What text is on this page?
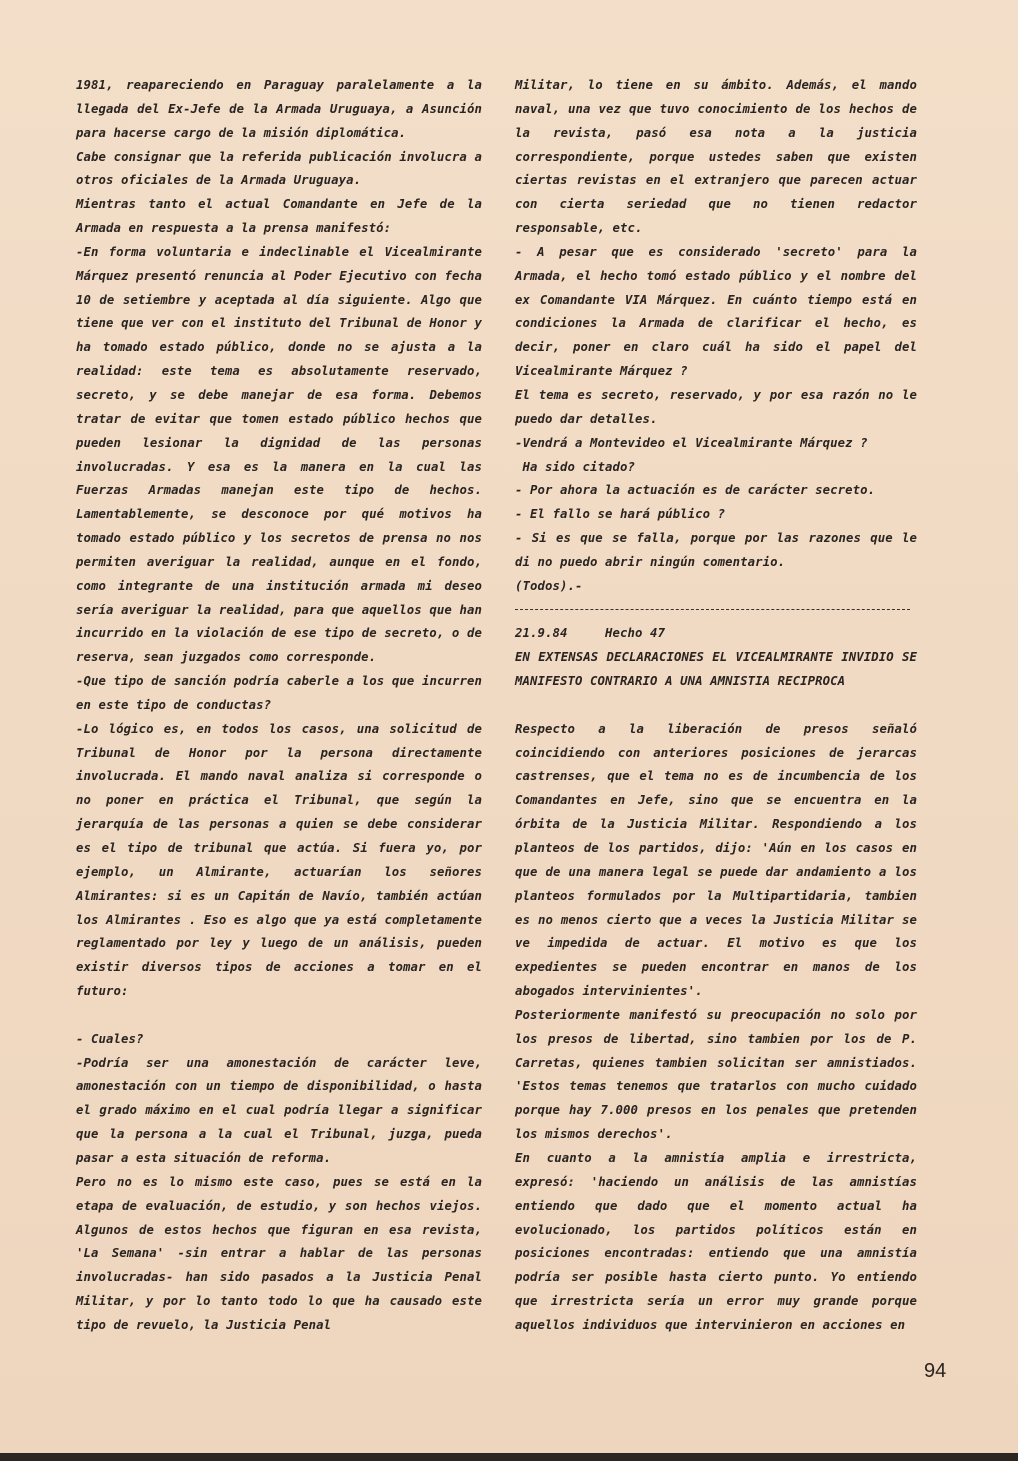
1981, reapareciendo en Paraguay paralelamente a la llegada del Ex-Jefe de la Armada Uruguaya, a Asunción para hacerse cargo de la misión diplomática.

Cabe consignar que la referida publicación involucra a otros oficiales de la Armada Uruguaya.

Mientras tanto el actual Comandante en Jefe de la Armada en respuesta a la prensa manifestó:

-En forma voluntaria e indeclinable el Vicealmirante Márquez presentó renuncia al Poder Ejecutivo con fecha 10 de setiembre y aceptada al día siguiente. Algo que tiene que ver con el instituto del Tribunal de Honor y ha tomado estado público, donde no se ajusta a la realidad: este tema es absolutamente reservado, secreto, y se debe manejar de esa forma. Debemos tratar de evitar que tomen estado público hechos que pueden lesionar la dignidad de las personas involucradas. Y esa es la manera en la cual las Fuerzas Armadas manejan este tipo de hechos. Lamentablemente, se desconoce por qué motivos ha tomado estado público y los secretos de prensa no nos permiten averiguar la realidad, aunque en el fondo, como integrante de una institución armada mi deseo sería averiguar la realidad, para que aquellos que han incurrido en la violación de ese tipo de secreto, o de reserva, sean juzgados como corresponde.

-Que tipo de sanción podría caberle a los que incurren en este tipo de conductas?

-Lo lógico es, en todos los casos, una solicitud de Tribunal de Honor por la persona directamente involucrada. El mando naval analiza si corresponde o no poner en práctica el Tribunal, que según la jerarquía de las personas a quien se debe considerar es el tipo de tribunal que actúa. Si fuera yo, por ejemplo, un Almirante, actuarían los señores Almirantes: si es un Capitán de Navío, también actúan los Almirantes . Eso es algo que ya está completamente reglamentado por ley y luego de un análisis, pueden existir diversos tipos de acciones a tomar en el futuro:

- Cuales?

-Podría ser una amonestación de carácter leve, amonestación con un tiempo de disponibilidad, o hasta el grado máximo en el cual podría llegar a significar que la persona a la cual el Tribunal, juzga, pueda pasar a esta situación de reforma.

Pero no es lo mismo este caso, pues se está en la etapa de evaluación, de estudio, y son hechos viejos. Algunos de estos hechos que figuran en esa revista, 'La Semana' -sin entrar a hablar de las personas involucradas- han sido pasados a la Justicia Penal Militar, y por lo tanto todo lo que ha causado este tipo de revuelo, la Justicia Penal

Militar, lo tiene en su ámbito. Además, el mando naval, una vez que tuvo conocimiento de los hechos de la revista, pasó esa nota a la justicia correspondiente, porque ustedes saben que existen ciertas revistas en el extranjero que parecen actuar con cierta seriedad que no tienen redactor responsable, etc.

- A pesar que es considerado 'secreto' para la Armada, el hecho tomó estado público y el nombre del ex Comandante VIA Márquez. En cuánto tiempo está en condiciones la Armada de clarificar el hecho, es decir, poner en claro cuál ha sido el papel del Vicealmirante Márquez ?

El tema es secreto, reservado, y por esa razón no le puedo dar detalles.

-Vendrá a Montevideo el Vicealmirante Márquez ?

Ha sido citado?

- Por ahora la actuación es de carácter secreto.

- El fallo se hará público ?

- Si es que se falla, porque por las razones que le di no puedo abrir ningún comentario.

(Todos).-

21.9.84     Hecho 47

EN EXTENSAS DECLARACIONES EL VICEALMIRANTE INVIDIO SE MANIFESTO CONTRARIO A UNA AMNISTIA RECIPROCA

Respecto a la liberación de presos señaló coincidiendo con anteriores posiciones de jerarcas castrenses, que el tema no es de incumbencia de los Comandantes en Jefe, sino que se encuentra en la órbita de la Justicia Militar. Respondiendo a los planteos de los partidos, dijo: 'Aún en los casos en que de una manera legal se puede dar andamiento a los planteos formulados por la Multipartidaria, tambien es no menos cierto que a veces la Justicia Militar se ve impedida de actuar. El motivo es que los expedientes se pueden encontrar en manos de los abogados intervinientes'.

Posteriormente manifestó su preocupación no solo por los presos de libertad, sino tambien por los de P. Carretas, quienes tambien solicitan ser amnistiados. 'Estos temas tenemos que tratarlos con mucho cuidado porque hay 7.000 presos en los penales que pretenden los mismos derechos'.

En cuanto a la amnistía amplia e irrestricta, expresó: 'haciendo un análisis de las amnistías entiendo que dado que el momento actual ha evolucionado, los partidos políticos están en posiciones encontradas: entiendo que una amnistía podría ser posible hasta cierto punto. Yo entiendo que irrestricta sería un error muy grande porque aquellos individuos que intervinieron en acciones en

94
